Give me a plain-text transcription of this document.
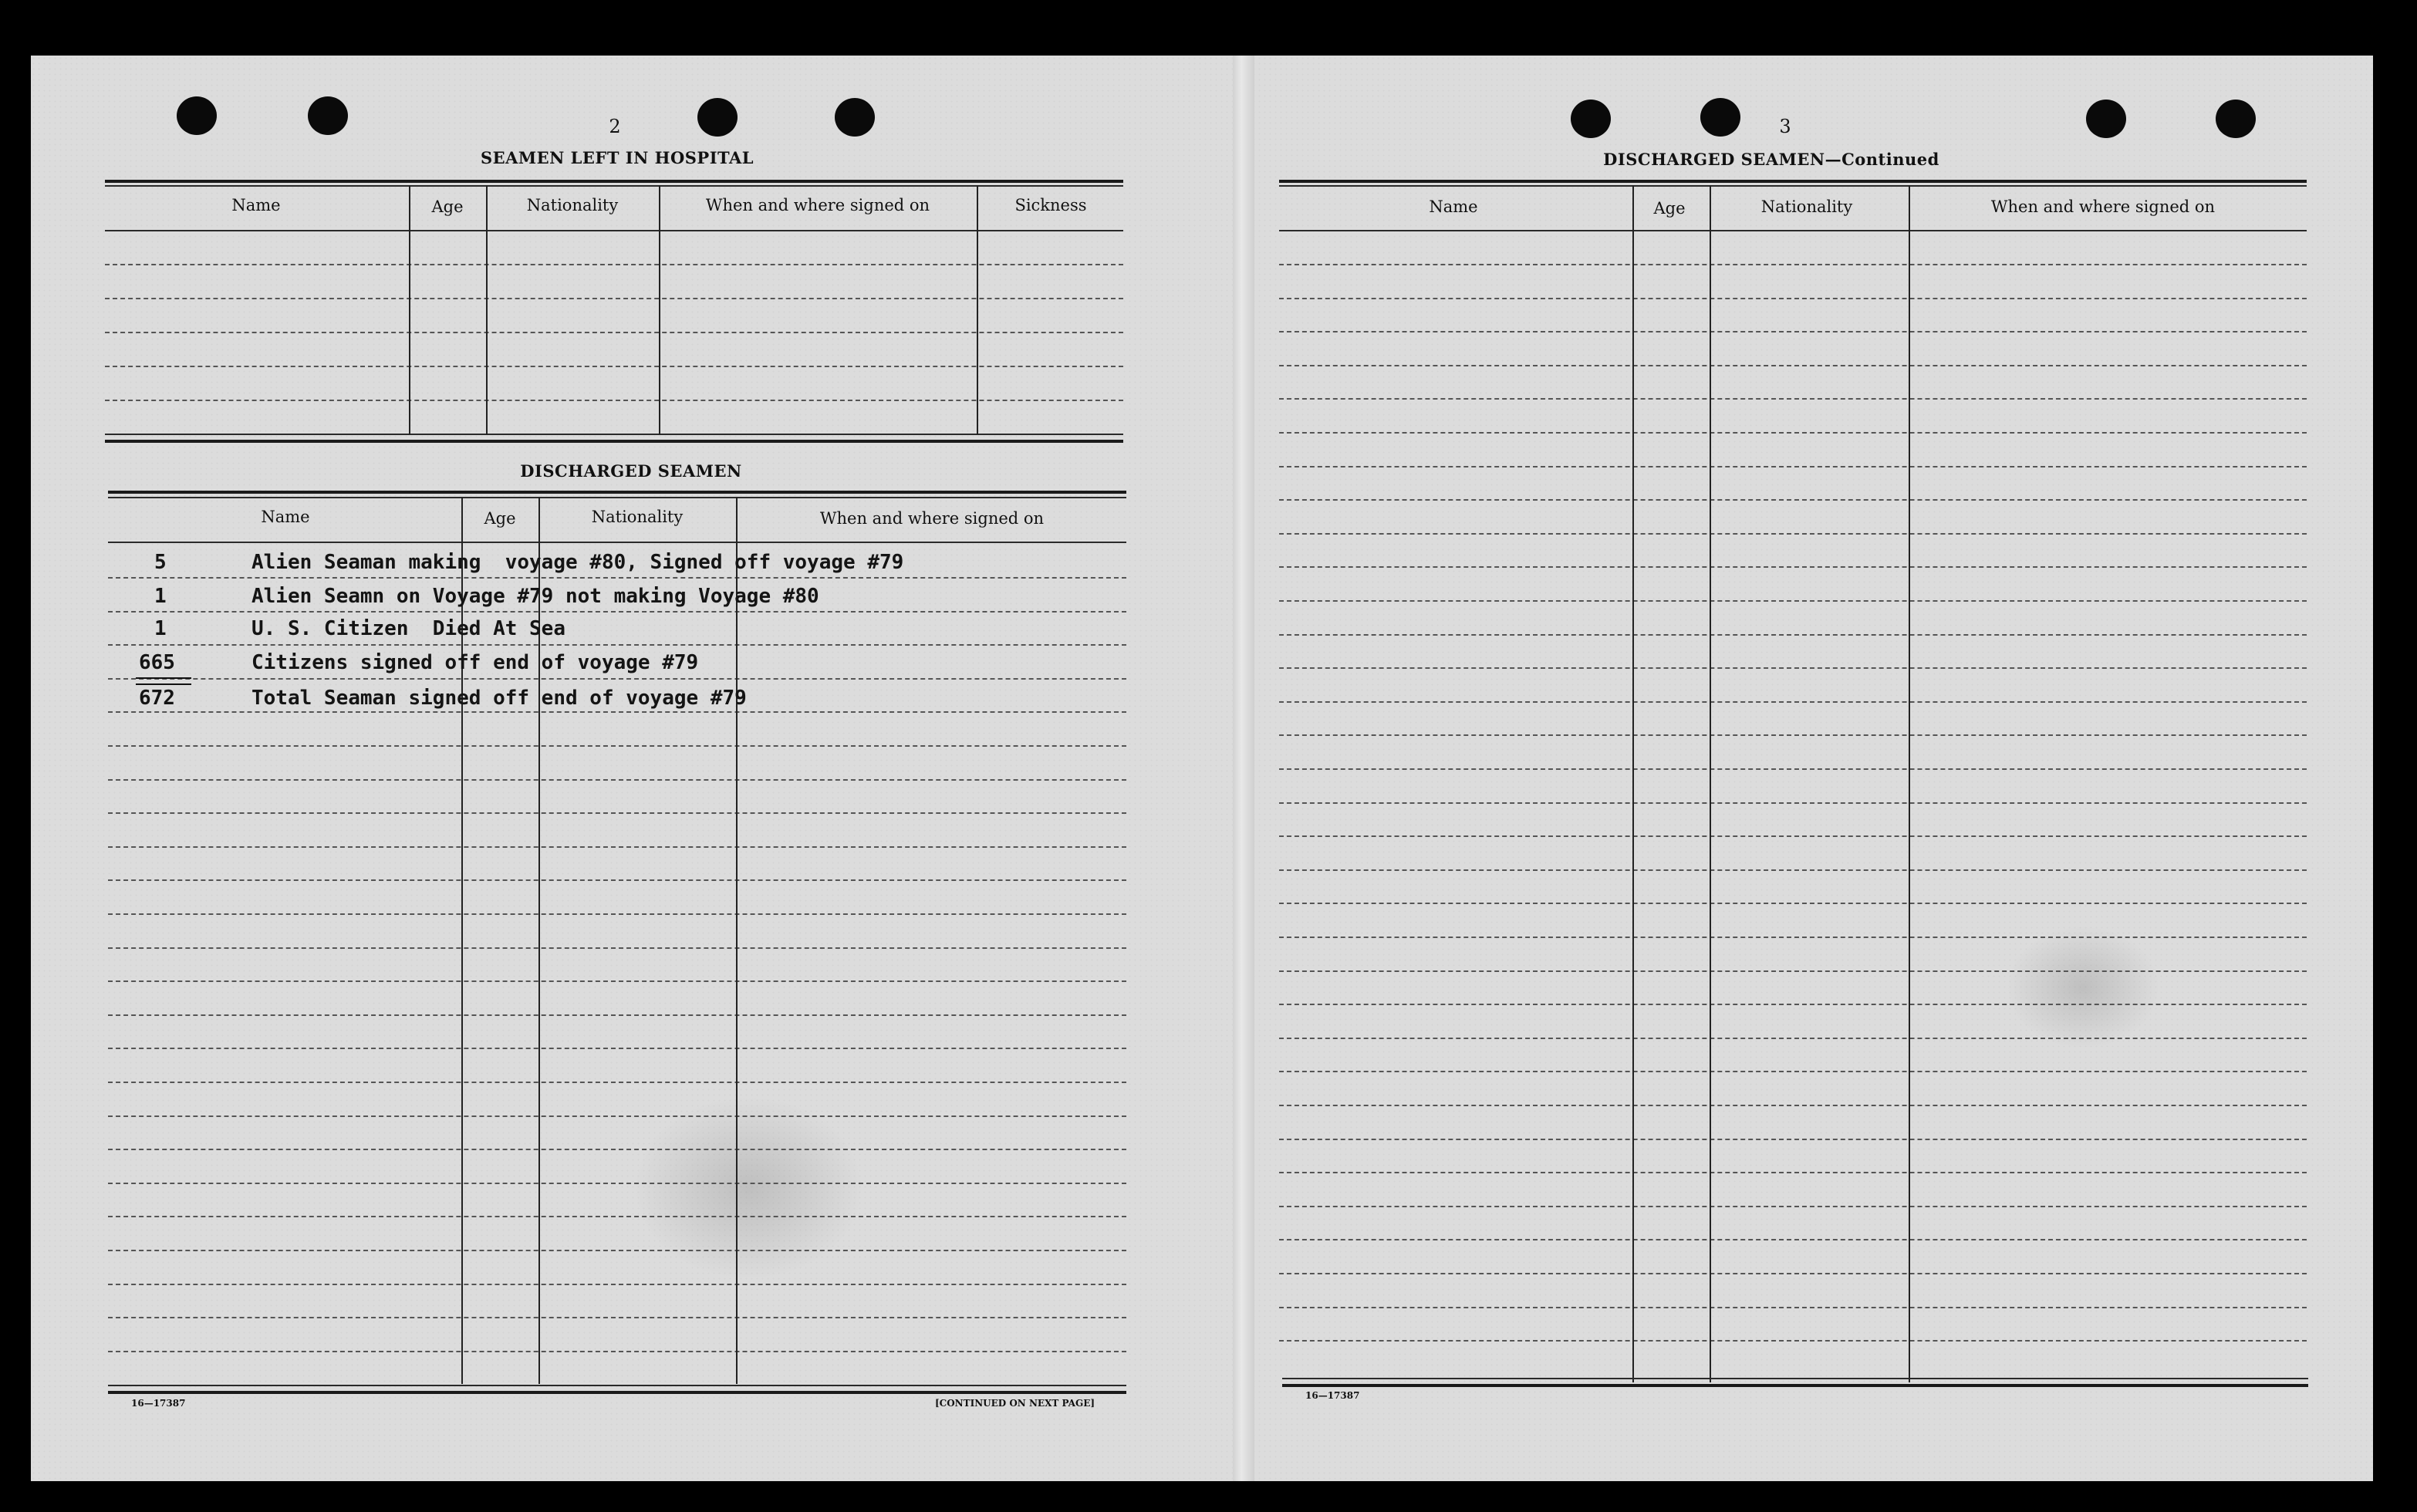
2
SEAMEN LEFT IN HOSPITAL
Name	Age	Nationality	When and where signed on	Sickness
DISCHARGED SEAMEN
Name	Age	Nationality	When and where signed on
5	Alien Seaman making  voyage #80, Signed off voyage #79
1	Alien Seamn on Voyage #79 not making Voyage #80
1	U. S. Citizen  Died At Sea
665	Citizens signed off end of voyage #79
672	Total Seaman signed off end of voyage #79
16—17387	[CONTINUED ON NEXT PAGE]
3
DISCHARGED SEAMEN—Continued
Name	Age	Nationality	When and where signed on
16—17387
